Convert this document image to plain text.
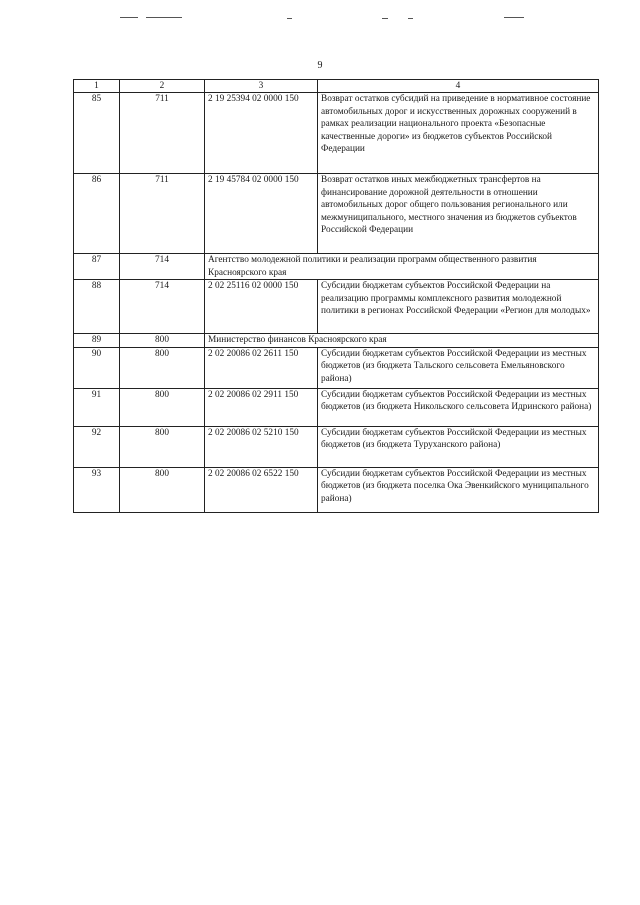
9
1	2	3	4
85	711	2 19 25394 02 0000 150	Возврат остатков субсидий на приведение в нормативное состояние автомобильных дорог и искусственных дорожных сооружений в рамках реализации национального проекта «Безопасные качественные дороги» из бюджетов субъектов Российской Федерации
86	711	2 19 45784 02 0000 150	Возврат остатков иных межбюджетных трансфертов на финансирование дорожной деятельности в отношении автомобильных дорог общего пользования регионального или межмуниципального, местного значения из бюджетов субъектов Российской Федерации
87	714	Агентство молодежной политики и реализации программ общественного развития Красноярского края	
88	714	2 02 25116 02 0000 150	Субсидии бюджетам субъектов Российской Федерации на реализацию программы комплексного развития молодежной политики в регионах Российской Федерации «Регион для молодых»
89	800	Министерство финансов Красноярского края	
90	800	2 02 20086 02 2611 150	Субсидии бюджетам субъектов Российской Федерации из местных бюджетов (из бюджета Тальского сельсовета Емельяновского района)
91	800	2 02 20086 02 2911 150	Субсидии бюджетам субъектов Российской Федерации из местных бюджетов (из бюджета Никольского сельсовета Идринского района)
92	800	2 02 20086 02 5210 150	Субсидии бюджетам субъектов Российской Федерации из местных бюджетов (из бюджета Туруханского района)
93	800	2 02 20086 02 6522 150	Субсидии бюджетам субъектов Российской Федерации из местных бюджетов (из бюджета поселка Ока Эвенкийского муниципального района)
